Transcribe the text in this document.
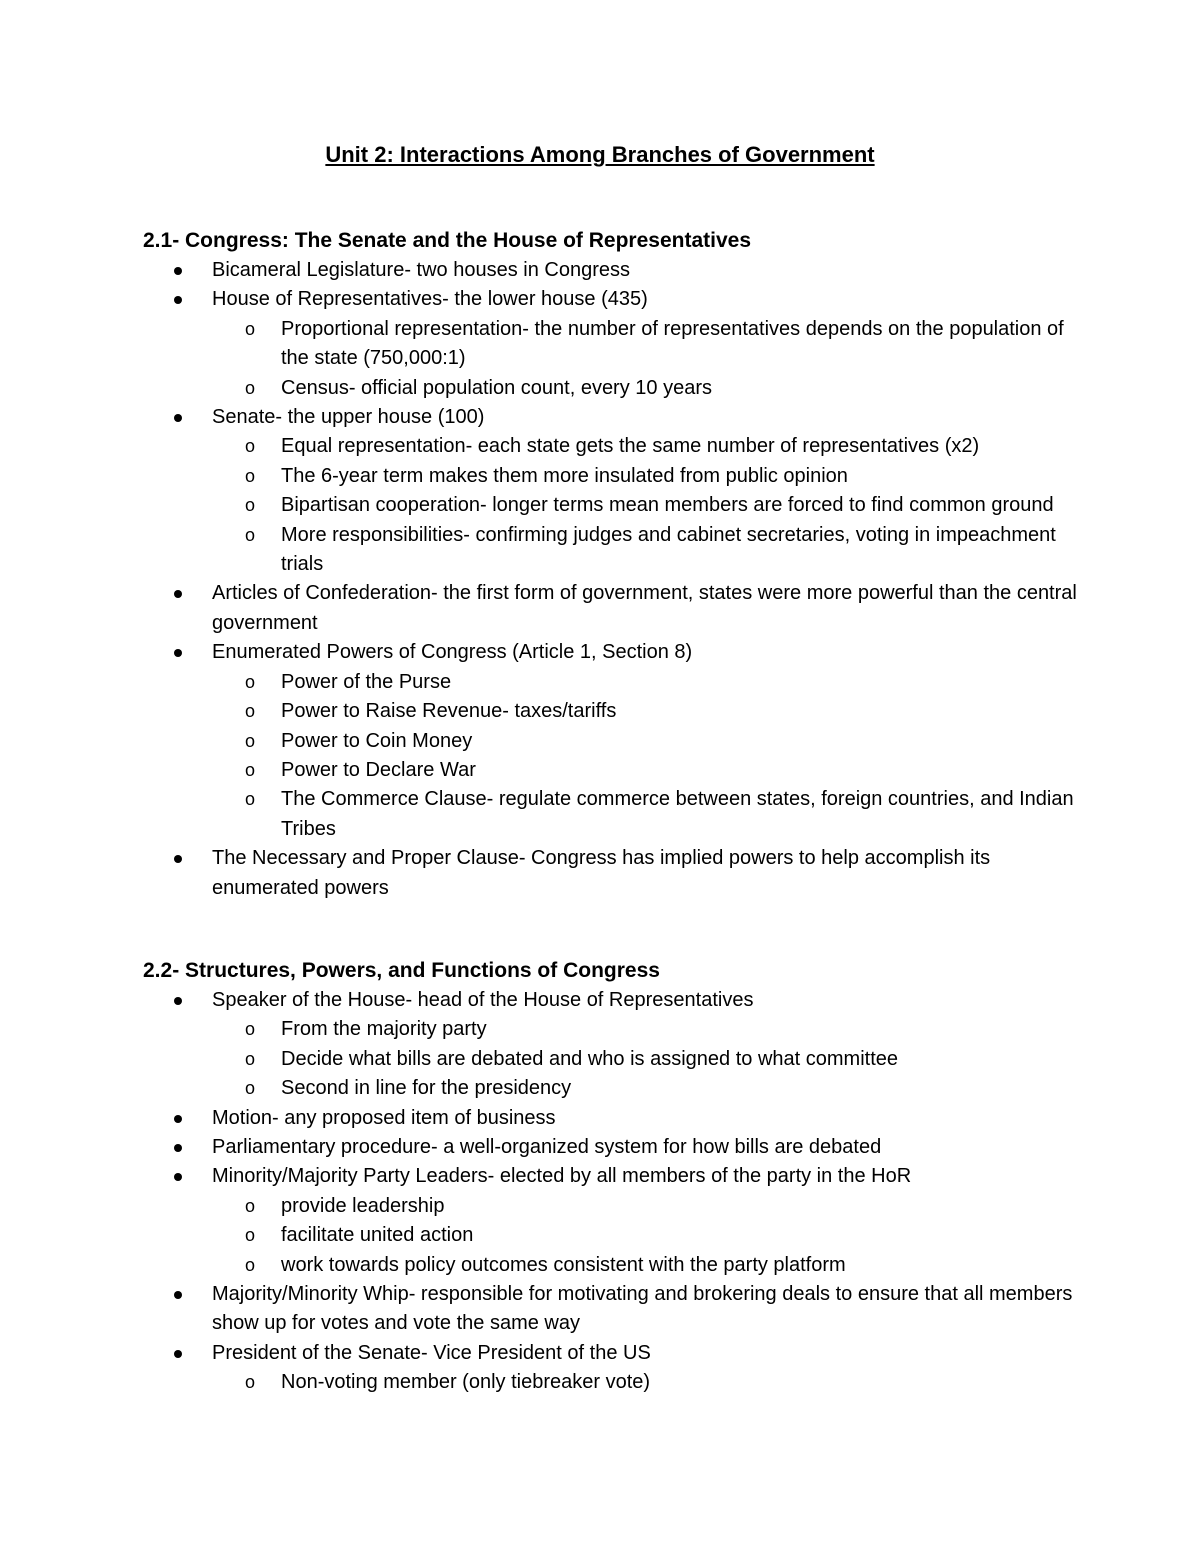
Unit 2: Interactions Among Branches of Government
2.1- Congress: The Senate and the House of Representatives
Bicameral Legislature- two houses in Congress
House of Representatives- the lower house (435)
o Proportional representation- the number of representatives depends on the population of the state (750,000:1)
o Census- official population count, every 10 years
Senate- the upper house (100)
o Equal representation- each state gets the same number of representatives (x2)
o The 6-year term makes them more insulated from public opinion
o Bipartisan cooperation- longer terms mean members are forced to find common ground
o More responsibilities- confirming judges and cabinet secretaries, voting in impeachment trials
Articles of Confederation- the first form of government, states were more powerful than the central government
Enumerated Powers of Congress (Article 1, Section 8)
o Power of the Purse
o Power to Raise Revenue- taxes/tariffs
o Power to Coin Money
o Power to Declare War
o The Commerce Clause- regulate commerce between states, foreign countries, and Indian Tribes
The Necessary and Proper Clause- Congress has implied powers to help accomplish its enumerated powers
2.2- Structures, Powers, and Functions of Congress
Speaker of the House- head of the House of Representatives
o From the majority party
o Decide what bills are debated and who is assigned to what committee
o Second in line for the presidency
Motion- any proposed item of business
Parliamentary procedure- a well-organized system for how bills are debated
Minority/Majority Party Leaders- elected by all members of the party in the HoR
o provide leadership
o facilitate united action
o work towards policy outcomes consistent with the party platform
Majority/Minority Whip- responsible for motivating and brokering deals to ensure that all members show up for votes and vote the same way
President of the Senate- Vice President of the US
o Non-voting member (only tiebreaker vote)
